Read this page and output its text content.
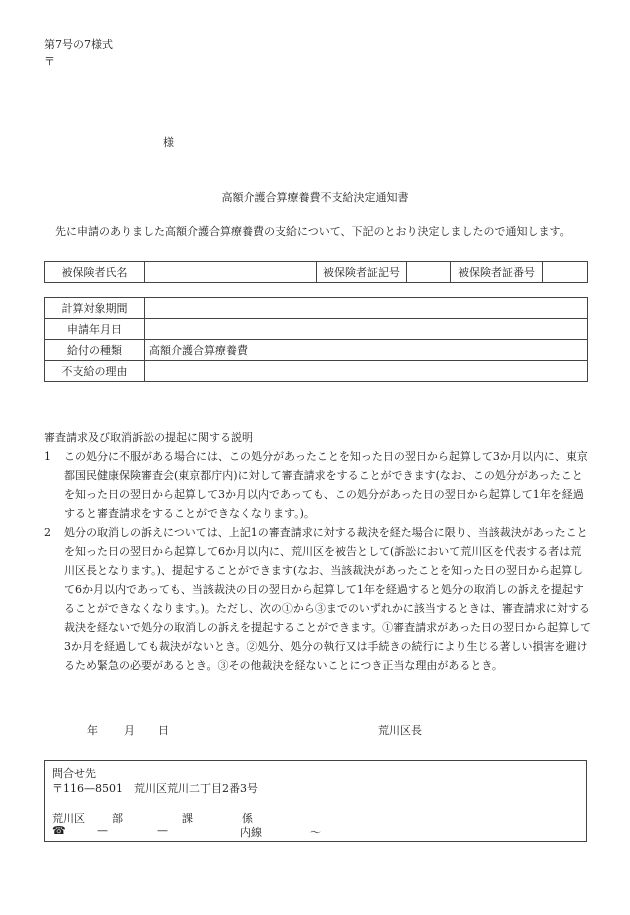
第7号の7様式
〒
様
高額介護合算療養費不支給決定通知書
先に申請のありました高額介護合算療養費の支給について、下記のとおり決定しましたので通知します。
被保険者氏名		被保険者証記号		被保険者証番号	
計算対象期間	
申請年月日	
給付の種類	高額介護合算療養費
不支給の理由	
審査請求及び取消訴訟の提起に関する説明
1 この処分に不服がある場合には、この処分があったことを知った日の翌日から起算して3か月以内に、東京都国民健康保険審査会(東京都庁内)に対して審査請求をすることができます(なお、この処分があったことを知った日の翌日から起算して3か月以内であっても、この処分があった日の翌日から起算して1年を経過すると審査請求をすることができなくなります。)。
2 処分の取消しの訴えについては、上記1の審査請求に対する裁決を経た場合に限り、当該裁決があったことを知った日の翌日から起算して6か月以内に、荒川区を被告として(訴訟において荒川区を代表する者は荒川区長となります。)、提起することができます(なお、当該裁決があったことを知った日の翌日から起算して6か月以内であっても、当該裁決の日の翌日から起算して1年を経過すると処分の取消しの訴えを提起することができなくなります。)。ただし、次の①から③までのいずれかに該当するときは、審査請求に対する裁決を経ないで処分の取消しの訴えを提起することができます。①審査請求があった日の翌日から起算して3か月を経過しても裁決がないとき。②処分、処分の執行又は手続きの続行により生じる著しい損害を避けるため緊急の必要があるとき。③その他裁決を経ないことにつき正当な理由があるとき。
年 月 日	荒川区長
問合せ先
〒116—8501　荒川区荒川二丁目2番3号
荒川区 部	課	係
☎	—	—	内線	〜
